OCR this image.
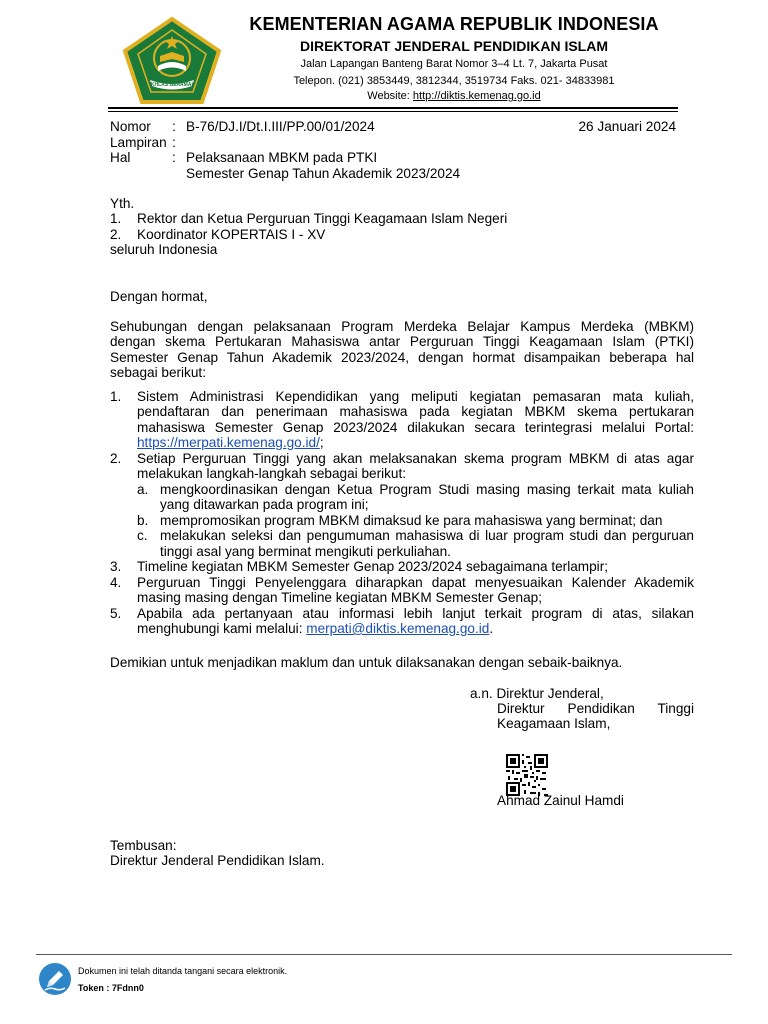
IKHLAS BERAMAL
KEMENTERIAN AGAMA REPUBLIK INDONESIA
DIREKTORAT JENDERAL PENDIDIKAN ISLAM
Jalan Lapangan Banteng Barat Nomor 3–4 Lt. 7, Jakarta Pusat
Telepon. (021) 3853449, 3812344, 3519734 Faks. 021- 34833981
Website: http://diktis.kemenag.go.id
Nomor : B-76/DJ.I/Dt.I.III/PP.00/01/2024	26 Januari 2024
Lampiran :
Hal	: Pelaksanaan MBKM pada PTKI
Semester Genap Tahun Akademik 2023/2024
Yth.
1. Rektor dan Ketua Perguruan Tinggi Keagamaan Islam Negeri
2. Koordinator KOPERTAIS I - XV
seluruh Indonesia
Dengan hormat,
Sehubungan dengan pelaksanaan Program Merdeka Belajar Kampus Merdeka (MBKM)
dengan skema Pertukaran Mahasiswa antar Perguruan Tinggi Keagamaan Islam (PTKI)
Semester Genap Tahun Akademik 2023/2024, dengan hormat disampaikan beberapa hal
sebagai berikut:
1. Sistem Administrasi Kependidikan yang meliputi kegiatan pemasaran mata kuliah,
pendaftaran dan penerimaan mahasiswa pada kegiatan MBKM skema pertukaran
mahasiswa Semester Genap 2023/2024 dilakukan secara terintegrasi melalui Portal:
https://merpati.kemenag.go.id/;
2. Setiap Perguruan Tinggi yang akan melaksanakan skema program MBKM di atas agar
melakukan langkah-langkah sebagai berikut:
a. mengkoordinasikan dengan Ketua Program Studi masing masing terkait mata kuliah
yang ditawarkan pada program ini;
b. mempromosikan program MBKM dimaksud ke para mahasiswa yang berminat; dan
c. melakukan seleksi dan pengumuman mahasiswa di luar program studi dan perguruan
tinggi asal yang berminat mengikuti perkuliahan.
3. Timeline kegiatan MBKM Semester Genap 2023/2024 sebagaimana terlampir;
4. Perguruan Tinggi Penyelenggara diharapkan dapat menyesuaikan Kalender Akademik
masing masing dengan Timeline kegiatan MBKM Semester Genap;
5. Apabila ada pertanyaan atau informasi lebih lanjut terkait program di atas, silakan
menghubungi kami melalui: merpati@diktis.kemenag.go.id.
Demikian untuk menjadikan maklum dan untuk dilaksanakan dengan sebaik-baiknya.
a.n. Direktur Jenderal,
Direktur Pendidikan Tinggi
Keagamaan Islam,
Ahmad Zainul Hamdi
Tembusan:
Direktur Jenderal Pendidikan Islam.
Dokumen ini telah ditanda tangani secara elektronik.
Token : 7Fdnn0
